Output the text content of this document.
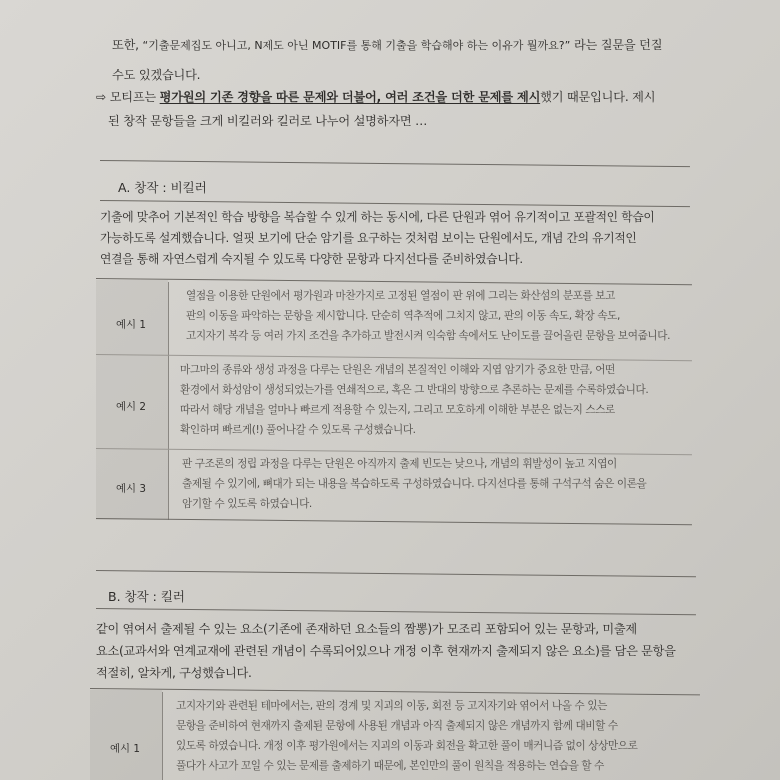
또한, “기출문제집도 아니고, N제도 아닌 MOTIF를 통해 기출을 학습해야 하는 이유가 뭘까요?” 라는 질문을 던질
수도 있겠습니다.
⇨ 모티프는 평가원의 기존 경향을 따른 문제와 더불어, 여러 조건을 더한 문제를 제시했기 때문입니다. 제시
된 창작 문항들을 크게 비킬러와 킬러로 나누어 설명하자면 …
A. 창작 : 비킬러
기출에 맞추어 기본적인 학습 방향을 복습할 수 있게 하는 동시에, 다른 단원과 엮어 유기적이고 포괄적인 학습이
가능하도록 설계했습니다. 얼핏 보기에 단순 암기를 요구하는 것처럼 보이는 단원에서도, 개념 간의 유기적인
연결을 통해 자연스럽게 숙지될 수 있도록 다양한 문항과 다지선다를 준비하였습니다.
예시 1
열점을 이용한 단원에서 평가원과 마찬가지로 고정된 열점이 판 위에 그리는 화산섬의 분포를 보고
판의 이동을 파악하는 문항을 제시합니다. 단순히 역추적에 그치지 않고, 판의 이동 속도, 확장 속도,
고지자기 복각 등 여러 가지 조건을 추가하고 발전시켜 익숙함 속에서도 난이도를 끌어올린 문항을 보여줍니다.
예시 2
마그마의 종류와 생성 과정을 다루는 단원은 개념의 본질적인 이해와 지엽 암기가 중요한 만큼, 어떤
환경에서 화성암이 생성되었는가를 연쇄적으로, 혹은 그 반대의 방향으로 추론하는 문제를 수록하였습니다.
따라서 해당 개념을 얼마나 빠르게 적용할 수 있는지, 그리고 모호하게 이해한 부분은 없는지 스스로
확인하며 빠르게(!) 풀어나갈 수 있도록 구성했습니다.
예시 3
판 구조론의 정립 과정을 다루는 단원은 아직까지 출제 빈도는 낮으나, 개념의 휘발성이 높고 지엽이
출제될 수 있기에, 뼈대가 되는 내용을 복습하도록 구성하였습니다. 다지선다를 통해 구석구석 숨은 이론을
암기할 수 있도록 하였습니다.
B. 창작 : 킬러
같이 엮여서 출제될 수 있는 요소(기존에 존재하던 요소들의 짬뽕)가 모조리 포함되어 있는 문항과, 미출제
요소(교과서와 연계교재에 관련된 개념이 수록되어있으나 개정 이후 현재까지 출제되지 않은 요소)를 담은 문항을
적절히, 알차게, 구성했습니다.
예시 1
고지자기와 관련된 테마에서는, 판의 경계 및 지괴의 이동, 회전 등 고지자기와 엮어서 나올 수 있는
문항을 준비하여 현재까지 출제된 문항에 사용된 개념과 아직 출제되지 않은 개념까지 함께 대비할 수
있도록 하였습니다. 개정 이후 평가원에서는 지괴의 이동과 회전을 확고한 풀이 매커니즘 없이 상상만으로
풀다가 사고가 꼬일 수 있는 문제를 출제하기 때문에, 본인만의 풀이 원칙을 적용하는 연습을 할 수
